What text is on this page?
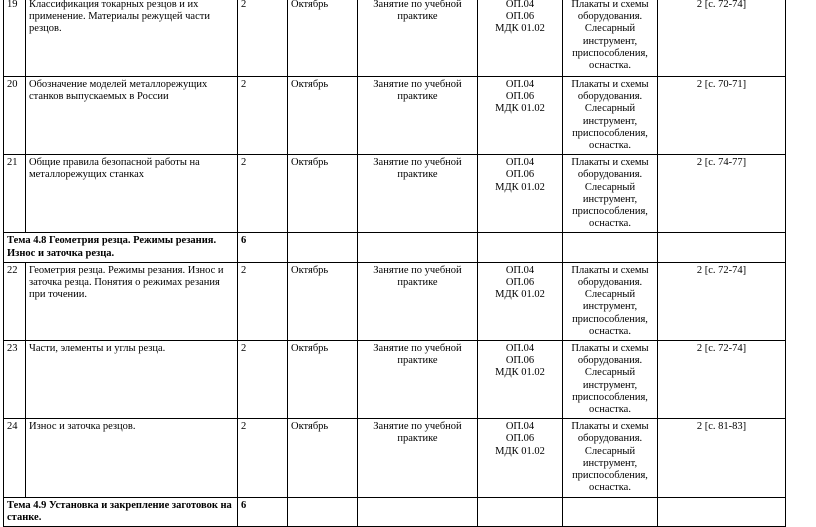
19	Классификация токарных резцов и их применение. Материалы режущей части резцов.	2	Октябрь	Занятие по учебной практике	ОП.04
ОП.06
МДК 01.02	Плакаты и схемы оборудования. Слесарный инструмент, приспособления, оснастка.	2 [с. 72-74]
20	Обозначение моделей металлорежущих станков выпускаемых в России	2	Октябрь	Занятие по учебной практике	ОП.04
ОП.06
МДК 01.02	Плакаты и схемы оборудования. Слесарный инструмент, приспособления, оснастка.	2 [с. 70-71]
21	Общие правила безопасной работы на металлорежущих станках	2	Октябрь	Занятие по учебной практике	ОП.04
ОП.06
МДК 01.02	Плакаты и схемы оборудования. Слесарный инструмент, приспособления, оснастка.	2 [с. 74-77]
Тема 4.8 Геометрия резца. Режимы резания. Износ и заточка резца.		6					
22	Геометрия резца. Режимы резания. Износ и заточка резца. Понятия о режимах резания при точении.	2	Октябрь	Занятие по учебной практике	ОП.04
ОП.06
МДК 01.02	Плакаты и схемы оборудования. Слесарный инструмент, приспособления, оснастка.	2 [с. 72-74]
23	Части, элементы и углы резца.	2	Октябрь	Занятие по учебной практике	ОП.04
ОП.06
МДК 01.02	Плакаты и схемы оборудования. Слесарный инструмент, приспособления, оснастка.	2 [с. 72-74]
24	Износ и заточка резцов.	2	Октябрь	Занятие по учебной практике	ОП.04
ОП.06
МДК 01.02	Плакаты и схемы оборудования. Слесарный инструмент, приспособления, оснастка.	2 [с. 81-83]
Тема 4.9 Установка и закрепление заготовок на станке.		6					
